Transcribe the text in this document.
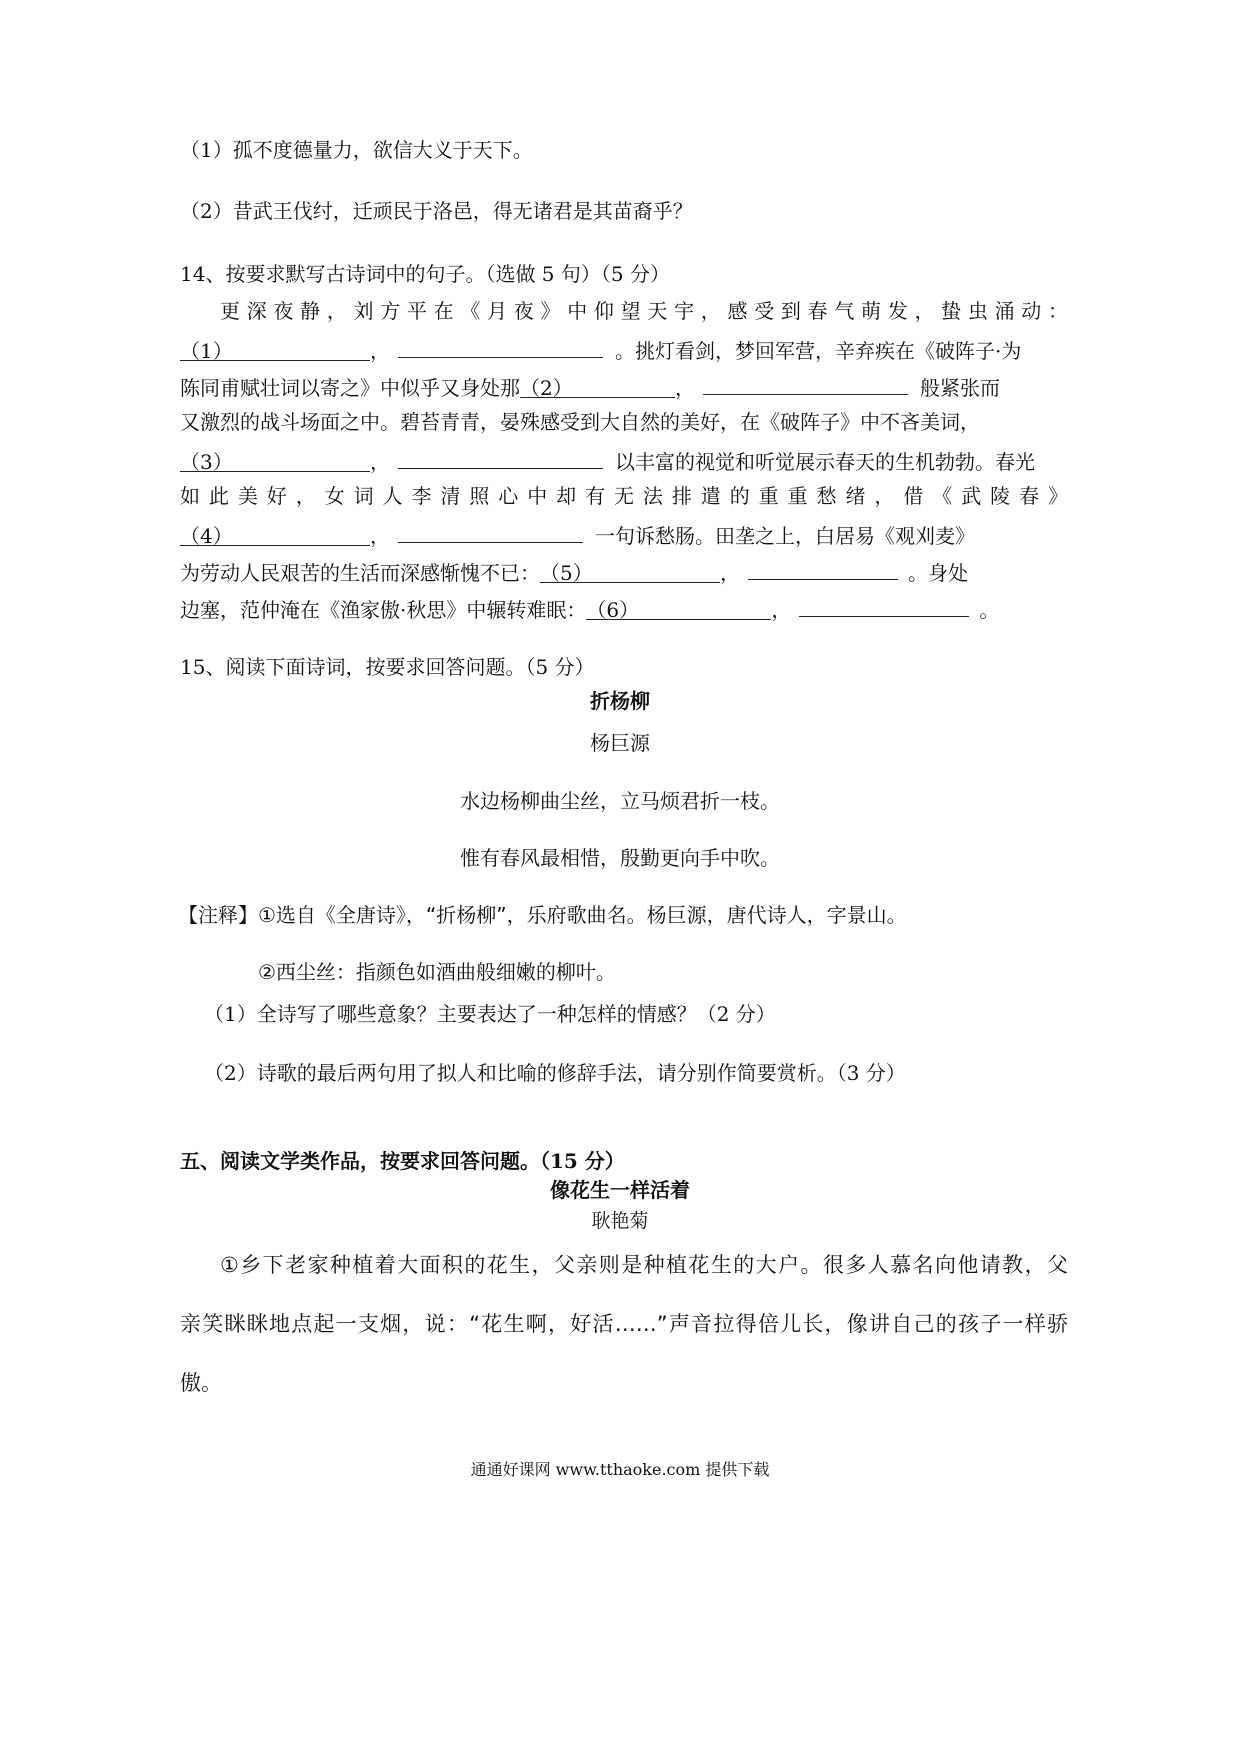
（1）孤不度德量力，欲信大义于天下。
（2）昔武王伐纣，迁顽民于洛邑，得无诸君是其苗裔乎？
14、按要求默写古诗词中的句子。（选做 5 句）（5 分）
更深夜静，刘方平在《月夜》中仰望天宇，感受到春气萌发，蛰虫涌动：
（1）	，	。挑灯看剑，梦回军营，辛弃疾在《破阵子·为
陈同甫赋壮词以寄之》中似乎又身处那（2）	，	般紧张而
又激烈的战斗场面之中。碧苔青青，晏殊感受到大自然的美好，在《破阵子》中不吝美词，
（3）	，	以丰富的视觉和听觉展示春天的生机勃勃。春光
如此美好，女词人李清照心中却有无法排遣的重重愁绪，借《武陵春》
（4）	，	一句诉愁肠。田垄之上，白居易《观刈麦》
为劳动人民艰苦的生活而深感惭愧不已：（5）	，	。身处
边塞，范仲淹在《渔家傲·秋思》中辗转难眠：（6）	，	。
15、阅读下面诗词，按要求回答问题。（5 分）
折杨柳
杨巨源
水边杨柳曲尘丝，立马烦君折一枝。
惟有春风最相惜，殷勤更向手中吹。
【注释】①选自《全唐诗》，“折杨柳”，乐府歌曲名。杨巨源，唐代诗人，字景山。
②西尘丝：指颜色如酒曲般细嫩的柳叶。
（1）全诗写了哪些意象？主要表达了一种怎样的情感？（2 分）
（2）诗歌的最后两句用了拟人和比喻的修辞手法，请分别作简要赏析。（3 分）
五、阅读文学类作品，按要求回答问题。（15 分）
像花生一样活着
耿艳菊
①乡下老家种植着大面积的花生，父亲则是种植花生的大户。很多人慕名向他请教，父
亲笑眯眯地点起一支烟，说：“花生啊，好活……”声音拉得倍儿长，像讲自己的孩子一样骄
傲。
通通好课网 www.tthaoke.com 提供下载
